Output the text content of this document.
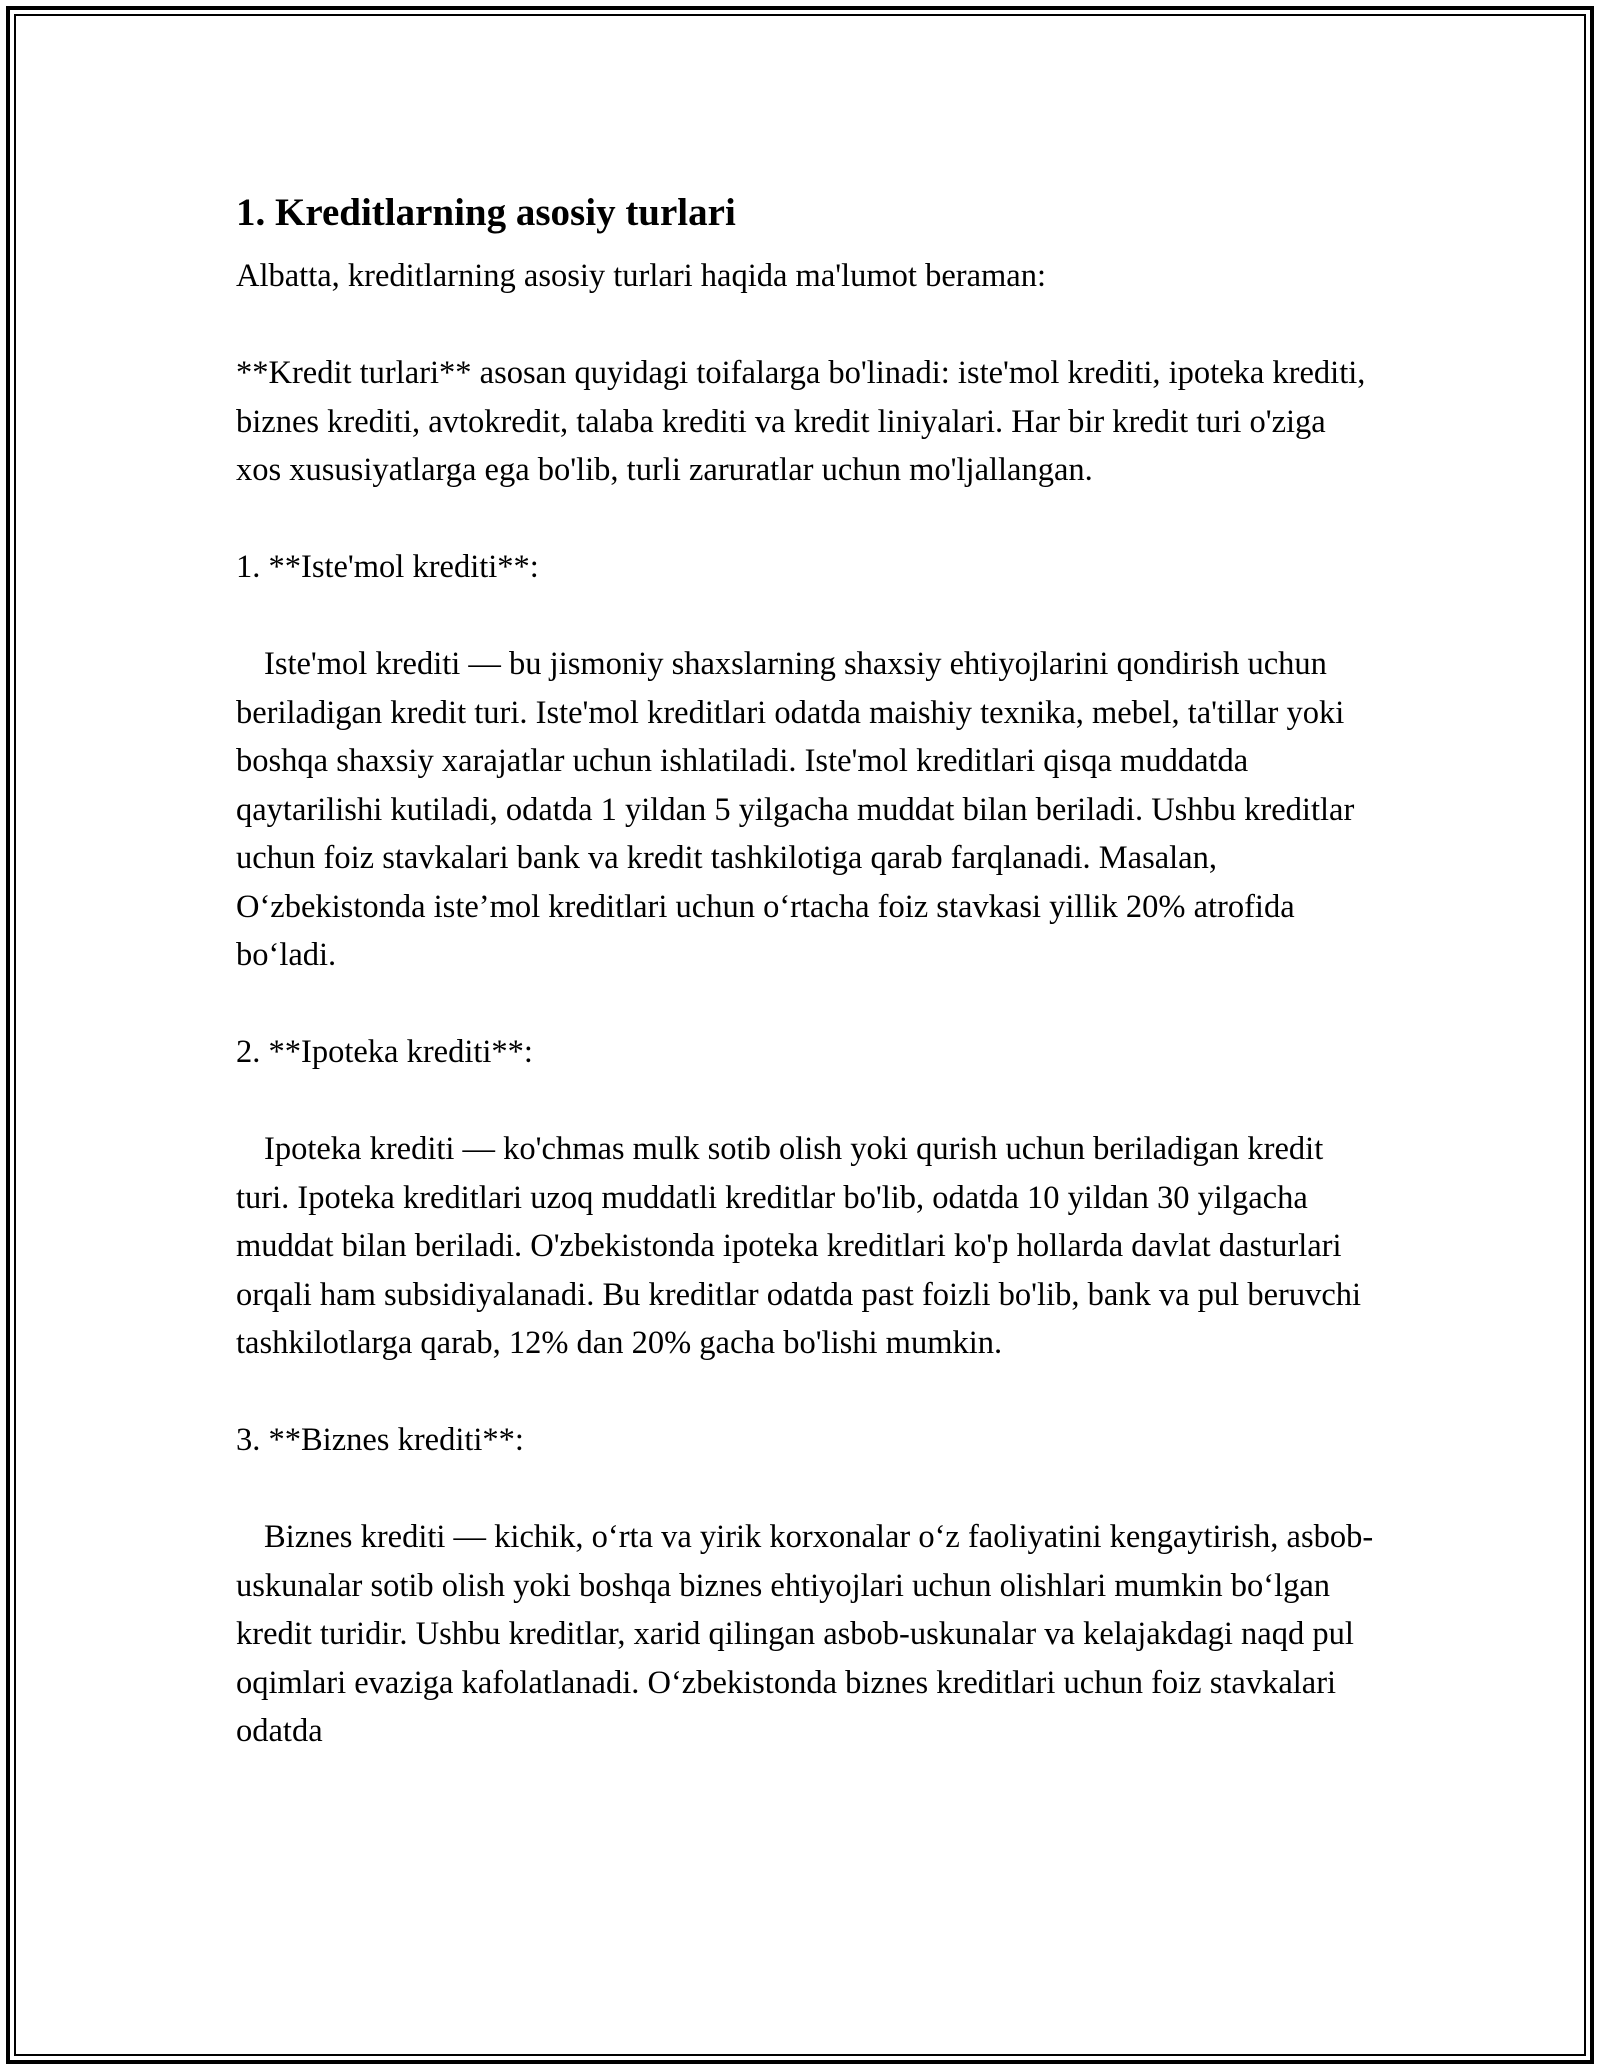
1. Kreditlarning asosiy turlari

Albatta, kreditlarning asosiy turlari haqida ma'lumot beraman:

**Kredit turlari** asosan quyidagi toifalarga bo'linadi: iste'mol krediti, ipoteka krediti, biznes krediti, avtokredit, talaba krediti va kredit liniyalari. Har bir kredit turi o'ziga xos xususiyatlarga ega bo'lib, turli zaruratlar uchun mo'ljallangan.

1. **Iste'mol krediti**:

Iste'mol krediti — bu jismoniy shaxslarning shaxsiy ehtiyojlarini qondirish uchun beriladigan kredit turi. Iste'mol kreditlari odatda maishiy texnika, mebel, ta'tillar yoki boshqa shaxsiy xarajatlar uchun ishlatiladi. Iste'mol kreditlari qisqa muddatda qaytarilishi kutiladi, odatda 1 yildan 5 yilgacha muddat bilan beriladi. Ushbu kreditlar uchun foiz stavkalari bank va kredit tashkilotiga qarab farqlanadi. Masalan, O‘zbekistonda iste’mol kreditlari uchun o‘rtacha foiz stavkasi yillik 20% atrofida bo‘ladi.

2. **Ipoteka krediti**:

Ipoteka krediti — ko'chmas mulk sotib olish yoki qurish uchun beriladigan kredit turi. Ipoteka kreditlari uzoq muddatli kreditlar bo'lib, odatda 10 yildan 30 yilgacha muddat bilan beriladi. O'zbekistonda ipoteka kreditlari ko'p hollarda davlat dasturlari orqali ham subsidiyalanadi. Bu kreditlar odatda past foizli bo'lib, bank va pul beruvchi tashkilotlarga qarab, 12% dan 20% gacha bo'lishi mumkin.

3. **Biznes krediti**:

Biznes krediti — kichik, o‘rta va yirik korxonalar o‘z faoliyatini kengaytirish, asbob-uskunalar sotib olish yoki boshqa biznes ehtiyojlari uchun olishlari mumkin bo‘lgan kredit turidir. Ushbu kreditlar, xarid qilingan asbob-uskunalar va kelajakdagi naqd pul oqimlari evaziga kafolatlanadi. O‘zbekistonda biznes kreditlari uchun foiz stavkalari odatda
